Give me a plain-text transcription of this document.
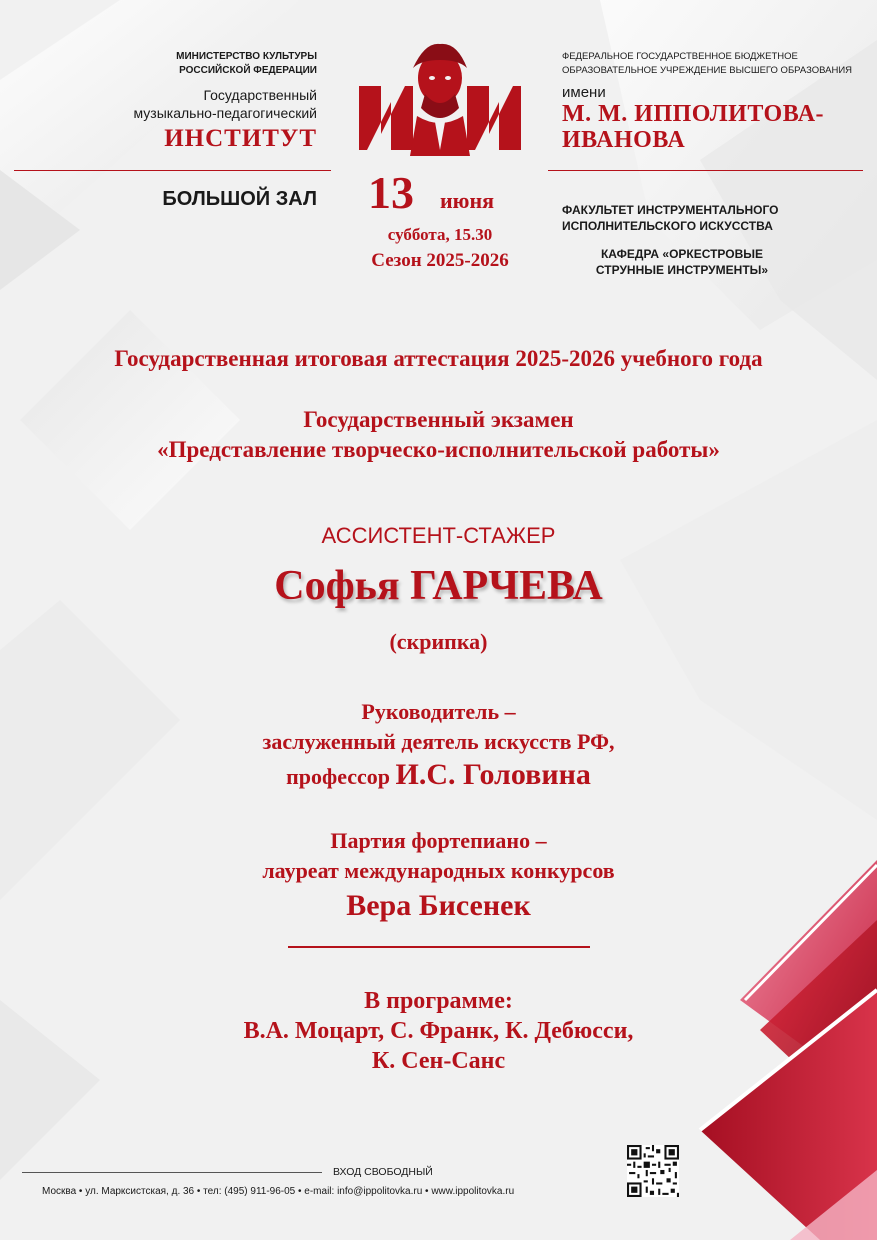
МИНИСТЕРСТВО КУЛЬТУРЫ
РОССИЙСКОЙ ФЕДЕРАЦИИ
Государственный
музыкально-педагогический
ИНСТИТУТ
БОЛЬШОЙ ЗАЛ 13 июня
суббота, 15.30
Сезон 2025-2026
ФЕДЕРАЛЬНОЕ ГОСУДАРСТВЕННОЕ БЮДЖЕТНОЕ
ОБРАЗОВАТЕЛЬНОЕ УЧРЕЖДЕНИЕ ВЫСШЕГО ОБРАЗОВАНИЯ
имени
М. М. ИППОЛИТОВА-
ИВАНОВА
ФАКУЛЬТЕТ ИНСТРУМЕНТАЛЬНОГО
ИСПОЛНИТЕЛЬСКОГО ИСКУССТВА
КАФЕДРА «ОРКЕСТРОВЫЕ
СТРУННЫЕ ИНСТРУМЕНТЫ»
Государственная итоговая аттестация 2025-2026 учебного года
Государственный экзамен
«Представление творческо-исполнительской работы»
АССИСТЕНТ-СТАЖЕР
Софья ГАРЧЕВА
(скрипка)
Руководитель –
заслуженный деятель искусств РФ,
профессор И.С. Головина
Партия фортепиано –
лауреат международных конкурсов
Вера Бисенек
В программе:
В.А. Моцарт, С. Франк, К. Дебюсси,
К. Сен-Санс
ВХОД СВОБОДНЫЙ
Москва • ул. Марксистская, д. 36 • тел: (495) 911-96-05 • e-mail: info@ippolitovka.ru • www.ippolitovka.ru
